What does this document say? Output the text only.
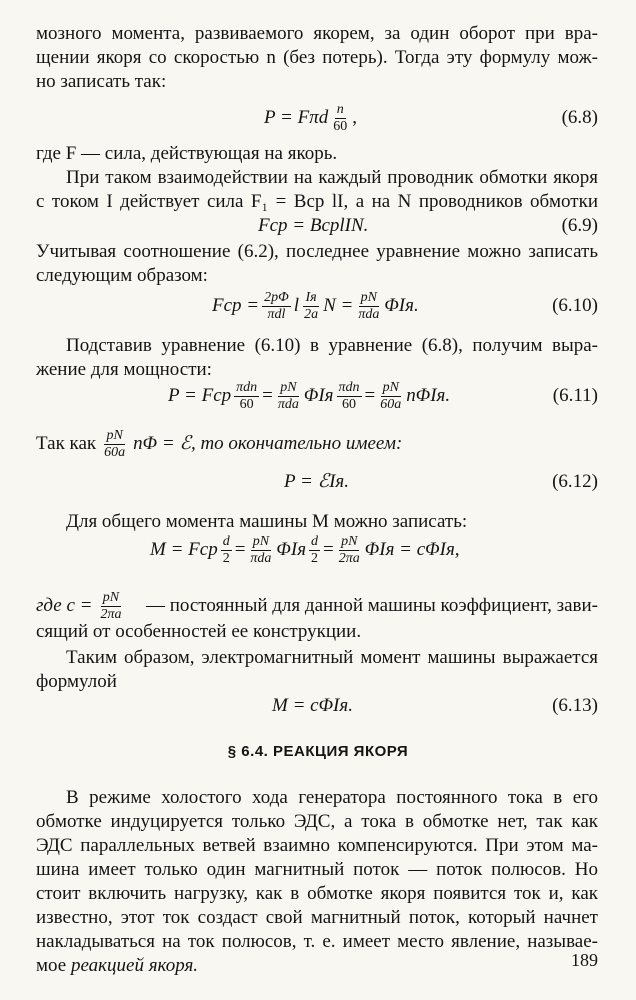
мозного момента, развиваемого якорем, за один оборот при вра-

щении якоря со скоростью n (без потерь). Тогда эту формулу мож-

но записать так:

P = Fπd $\frac{n}{60}$ ,	(6.8)

где F — сила, действующая на якорь.

При таком взаимодействии на каждый проводник обмотки якоря

с током I действует сила F₁ = Bср lI, а на N проводников обмотки

Fср = BсрlIN.	(6.9)

Учитывая соотношение (6.2), последнее уравнение можно записать

следующим образом:

Fср = $\frac{2p\Phi}{\text{πdl}}$ l $\frac{Iя}{2a}$ $N = \frac{pN}{\text{πda}} \Phi Iя$.	(6.10)

Подставив уравнение (6.10) в уравнение (6.8), получим выра-

жение для мощности:

P = Fср $\frac{\text{πdn}}{60} = \frac{pN}{\text{πda}}$ ΦIя $\frac{\text{πdn}}{60} = \frac{pN}{60a} n\Phi Iя$.	(6.11)
Так как $\frac{pN}{60a}$ nΦ = ℰ, то окончательно имеем:
P = ℰIя.	(6.12)

Для общего момента машины M можно записать:

M = Fср $\frac{d}{2} = \frac{pN}{\text{πda}}$ ΦIя $\frac{d}{2} = \frac{pN}{2\pi a}$ ΦIя = cΦIя,
где $c = \frac{pN}{2\pi a}$ — постоянный для данной машины коэффициент, зави-

сящий от особенностей ее конструкции.

Таким образом, электромагнитный момент машины выражается

формулой

M = cΦIя.	(6.13)
§ 6.4. РЕАКЦИЯ ЯКОРЯ

В режиме холостого хода генератора постоянного тока в его

обмотке индуцируется только ЭДС, а тока в обмотке нет, так как

ЭДС параллельных ветвей взаимно компенсируются. При этом ма-

шина имеет только один магнитный поток — поток полюсов. Но

стоит включить нагрузку, как в обмотке якоря появится ток и, как

известно, этот ток создаст свой магнитный поток, который начнет

накладываться на ток полюсов, т. е. имеет место явление, называе-

мое реакцией якоря.	189
